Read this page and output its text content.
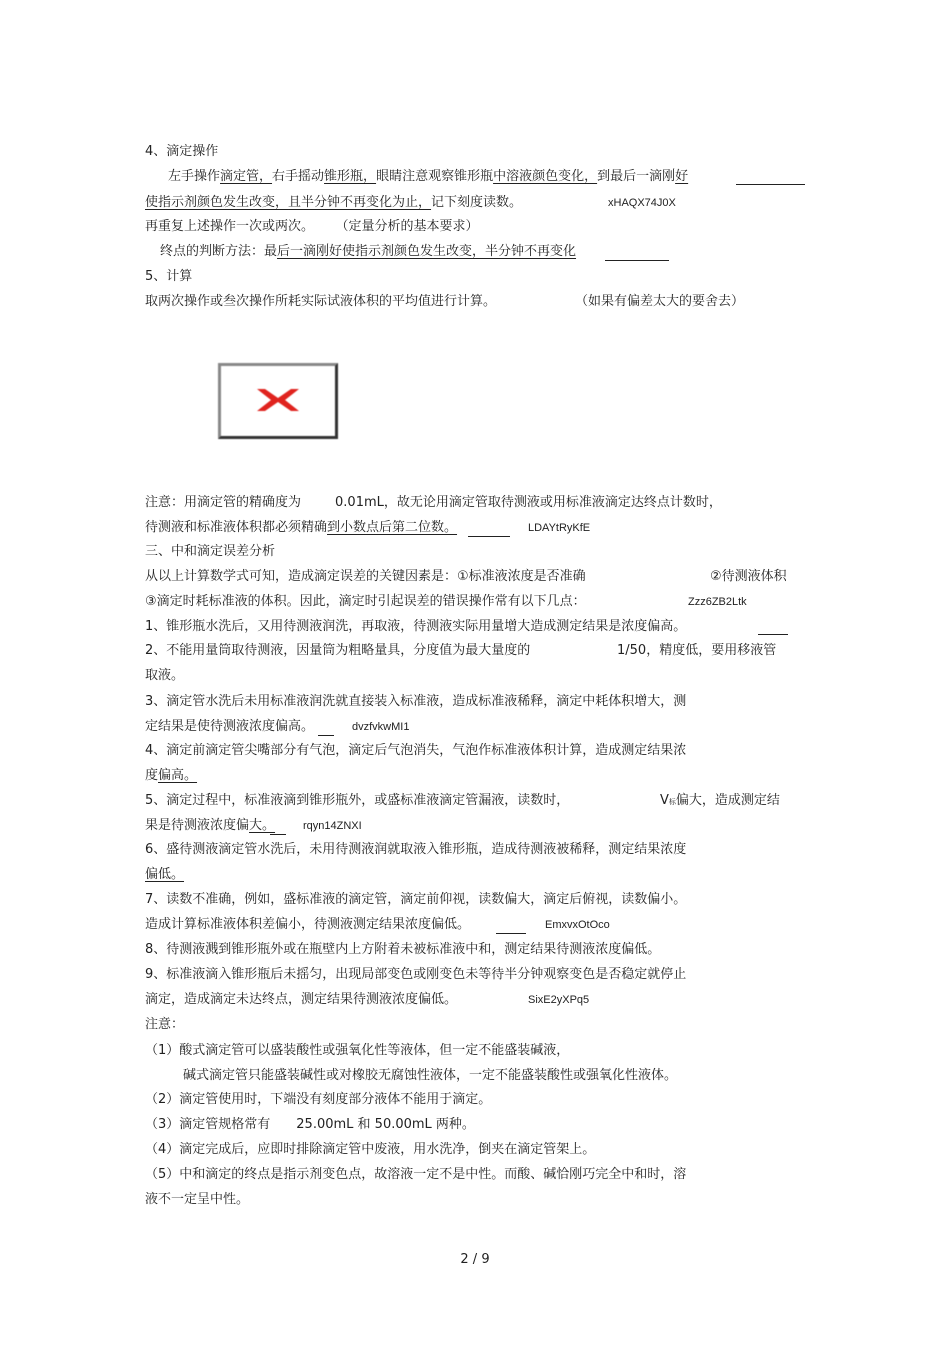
4、滴定操作
左手操作滴定管，右手摇动锥形瓶，眼睛注意观察锥形瓶中溶液颜色变化，到最后一滴刚好
使指示剂颜色发生改变，且半分钟不再变化为止，记下刻度读数。	xHAQX74J0X
再重复上述操作一次或两次。 （定量分析的基本要求）
终点的判断方法：最后一滴刚好使指示剂颜色发生改变，半分钟不再变化
5、计算
取两次操作或叁次操作所耗实际试液体积的平均值进行计算。	（如果有偏差太大的要舍去）
注意：用滴定管的精确度为	0.01mL，故无论用滴定管取待测液或用标准液滴定达终点计数时，
待测液和标准液体积都必须精确到小数点后第二位数。	LDAYtRyKfE
三、中和滴定误差分析
从以上计算数学式可知，造成滴定误差的关键因素是：①标准液浓度是否准确	②待测液体积
③滴定时耗标准液的体积。因此，滴定时引起误差的错误操作常有以下几点：	Zzz6ZB2Ltk
1、锥形瓶水洗后，又用待测液润洗，再取液，待测液实际用量增大造成测定结果是浓度偏高。
2、不能用量筒取待测液，因量筒为粗略量具，分度值为最大量度的	1/50，精度低，要用移液管
取液。
3、滴定管水洗后未用标准液润洗就直接装入标准液，造成标准液稀释，滴定中耗体积增大，测
定结果是使待测液浓度偏高。	dvzfvkwMI1
4、滴定前滴定管尖嘴部分有气泡，滴定后气泡消失，气泡作标准液体积计算，造成测定结果浓
度偏高。
5、滴定过程中，标准液滴到锥形瓶外，或盛标准液滴定管漏液，读数时，	V标偏大，造成测定结
果是待测液浓度偏大。	rqyn14ZNXI
6、盛待测液滴定管水洗后，未用待测液润就取液入锥形瓶，造成待测液被稀释，测定结果浓度
偏低。
7、读数不准确，例如，盛标准液的滴定管，滴定前仰视，读数偏大，滴定后俯视，读数偏小。
造成计算标准液体积差偏小，待测液测定结果浓度偏低。	EmxvxOtOco
8、待测液溅到锥形瓶外或在瓶壁内上方附着未被标准液中和，测定结果待测液浓度偏低。
9、标准液滴入锥形瓶后未摇匀，出现局部变色或刚变色未等待半分钟观察变色是否稳定就停止
滴定，造成滴定未达终点，测定结果待测液浓度偏低。	SixE2yXPq5
注意：
（1）酸式滴定管可以盛装酸性或强氧化性等液体，但一定不能盛装碱液，
碱式滴定管只能盛装碱性或对橡胶无腐蚀性液体，一定不能盛装酸性或强氧化性液体。
（2）滴定管使用时，下端没有刻度部分液体不能用于滴定。
（3）滴定管规格常有 25.00mL 和 50.00mL 两种。
（4）滴定完成后，应即时排除滴定管中废液，用水洗净，倒夹在滴定管架上。
（5）中和滴定的终点是指示剂变色点，故溶液一定不是中性。而酸、碱恰刚巧完全中和时，溶
液不一定呈中性。
2 / 9
